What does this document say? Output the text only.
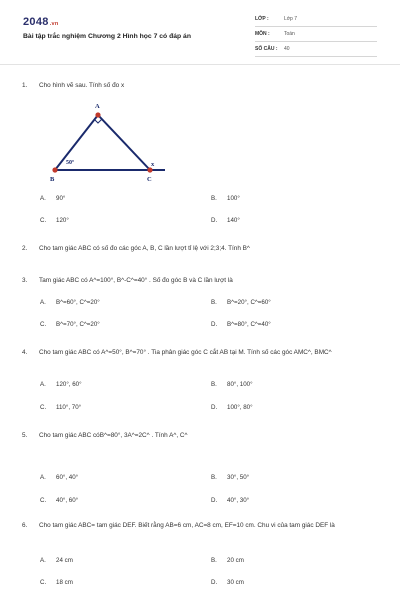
2048.vn
Bài tập trắc nghiệm Chương 2 Hình học 7 có đáp án
LỚP :	Lớp 7
MÔN :	Toán
SỐ CÂU : 40
1. Cho hình vẽ sau. Tính số đo x
A
B	C
x
50º
A. 90°	B. 100°
C. 120°	D. 140°
2. Cho tam giác ABC có số đo các góc A, B, C lần lượt tỉ lệ với 2;3;4. Tính B^
3. Tam giác ABC có A^=100°, B^-C^=40° . Số đo góc B và C lần lượt là
A. B^=60°, C^=20°	B. B^=20°, C^=60°
C. B^=70°, C^=20°	D. B^=80°, C^=40°
4. Cho tam giác ABC có A^=50°, B^=70° . Tia phân giác góc C cắt AB tại M. Tính số các góc AMC^, BMC^
A. 120°, 60°	B. 80°, 100°
C. 110°, 70°	D. 100°, 80°
5. Cho tam giác ABC cóB^=80°, 3A^=2C^ . Tính A^, C^
A. 60°, 40°	B. 30°, 50°
C. 40°, 60°	D. 40°, 30°
6. Cho tam giác ABC= tam giác DEF. Biết rằng AB=6 cm, AC=8 cm, EF=10 cm. Chu vi của tam giác DEF là
A. 24 cm	B. 20 cm
C. 18 cm	D. 30 cm
